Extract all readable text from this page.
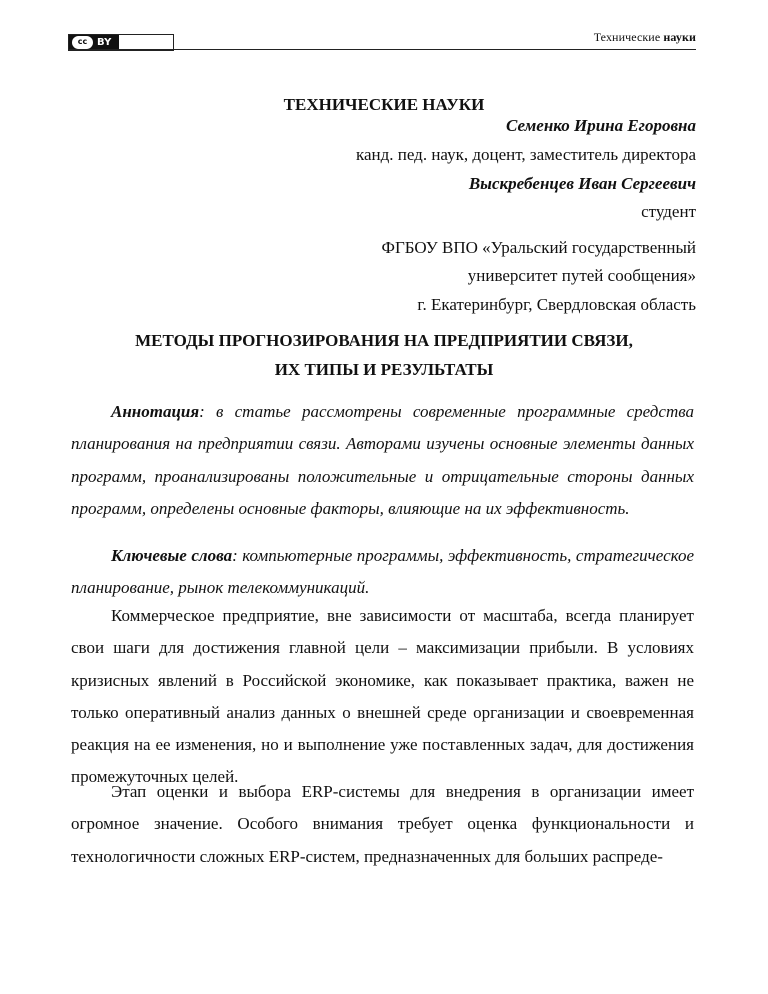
cc BY	Технические науки
ТЕХНИЧЕСКИЕ НАУКИ
Семенко Ирина Егоровна
канд. пед. наук, доцент, заместитель директора
Выскребенцев Иван Сергеевич
студент
ФГБОУ ВПО «Уральский государственный
университет путей сообщения»
г. Екатеринбург, Свердловская область
МЕТОДЫ ПРОГНОЗИРОВАНИЯ НА ПРЕДПРИЯТИИ СВЯЗИ,
ИХ ТИПЫ И РЕЗУЛЬТАТЫ
Аннотация: в статье рассмотрены современные программные средства планирования на предприятии связи. Авторами изучены основные элементы данных программ, проанализированы положительные и отрицательные стороны данных программ, определены основные факторы, влияющие на их эффективность.
Ключевые слова: компьютерные программы, эффективность, стратегическое планирование, рынок телекоммуникаций.
Коммерческое предприятие, вне зависимости от масштаба, всегда планирует свои шаги для достижения главной цели – максимизации прибыли. В условиях кризисных явлений в Российской экономике, как показывает практика, важен не только оперативный анализ данных о внешней среде организации и своевременная реакция на ее изменения, но и выполнение уже поставленных задач, для достижения промежуточных целей.
Этап оценки и выбора ERP-системы для внедрения в организации имеет огромное значение. Особого внимания требует оценка функциональности и технологичности сложных ERP-систем, предназначенных для больших распреде-
